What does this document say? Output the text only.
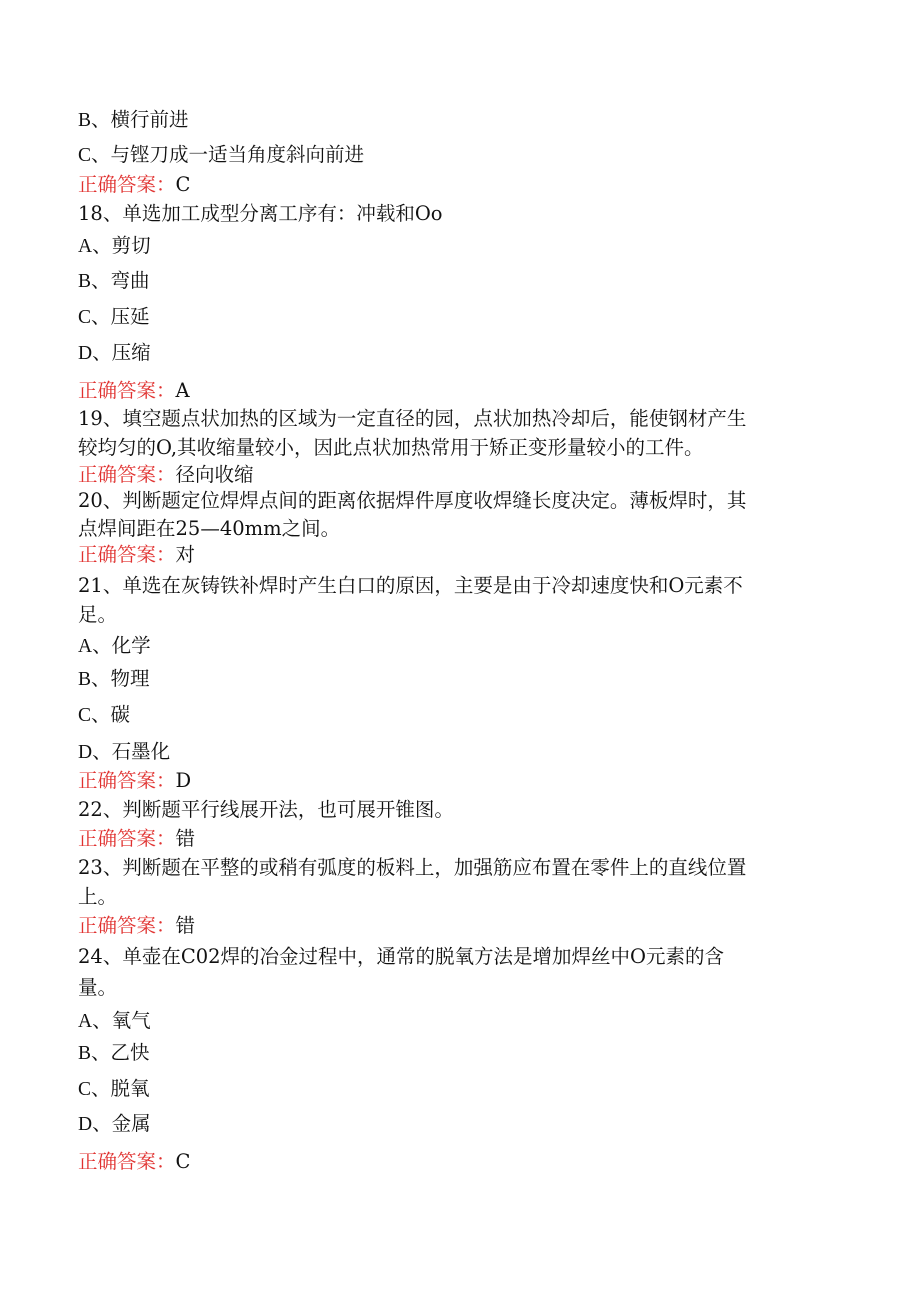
B、横行前进

C、与铿刀成一适当角度斜向前进

正确答案：C

18、单选加工成型分离工序有：冲载和Oo

A、剪切

B、弯曲

C、压延

D、压缩

正确答案：A

19、填空题点状加热的区域为一定直径的园，点状加热冷却后，能使钢材产生

较均匀的O,其收缩量较小，因此点状加热常用于矫正变形量较小的工件。

正确答案：径向收缩

20、判断题定位焊焊点间的距离依据焊件厚度收焊缝长度决定。薄板焊时，其

点焊间距在25—40mm之间。

正确答案：对

21、单选在灰铸铁补焊时产生白口的原因，主要是由于冷却速度快和O元素不

足。

A、化学

B、物理

C、碳

D、石墨化

正确答案：D

22、判断题平行线展开法，也可展开锥图。

正确答案：错

23、判断题在平整的或稍有弧度的板料上，加强筋应布置在零件上的直线位置

上。

正确答案：错

24、单壶在C02焊的冶金过程中，通常的脱氧方法是增加焊丝中O元素的含

量。

A、氧气

B、乙快

C、脱氧

D、金属

正确答案：C
